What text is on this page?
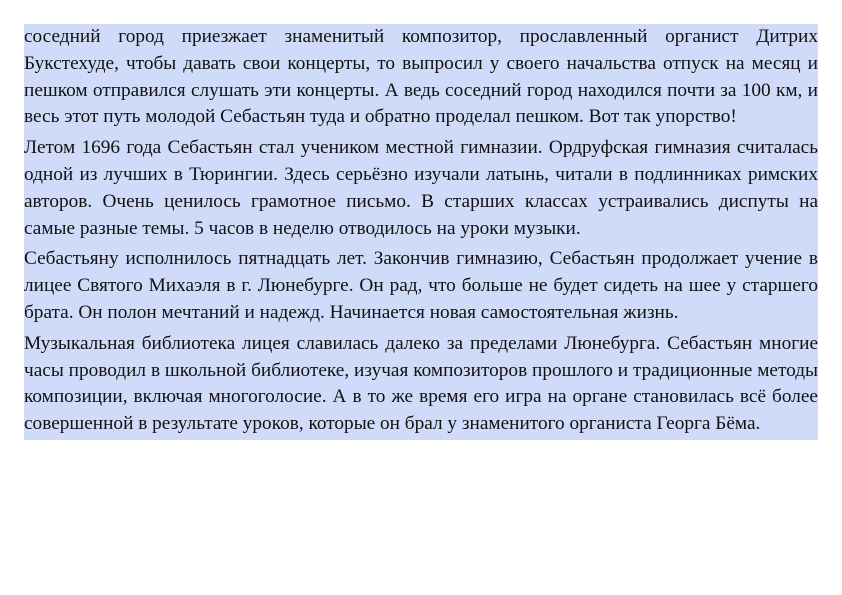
соседний город приезжает знаменитый композитор, прославленный органист Дитрих Букстехуде, чтобы давать свои концерты, то выпросил у своего начальства отпуск на месяц и пешком отправился слушать эти концерты. А ведь соседний город находился почти за 100 км, и весь этот путь молодой Себастьян туда и обратно проделал пешком. Вот так упорство!

Летом 1696 года Себастьян стал учеником местной гимназии. Ордруфская гимназия считалась одной из лучших в Тюрингии. Здесь серьёзно изучали латынь, читали в подлинниках римских авторов. Очень ценилось грамотное письмо. В старших классах устраивались диспуты на самые разные темы. 5 часов в неделю отводилось на уроки музыки.

Себастьяну исполнилось пятнадцать лет. Закончив гимназию, Себастьян продолжает учение в лицее Святого Михаэля в г. Люнебурге. Он рад, что больше не будет сидеть на шее у старшего брата. Он полон мечтаний и надежд. Начинается новая самостоятельная жизнь.

Музыкальная библиотека лицея славилась далеко за пределами Люнебурга. Себастьян многие часы проводил в школьной библиотеке, изучая композиторов прошлого и традиционные методы композиции, включая многоголосие. А в то же время его игра на органе становилась всё более совершенной в результате уроков, которые он брал у знаменитого органиста Георга Бёма.
